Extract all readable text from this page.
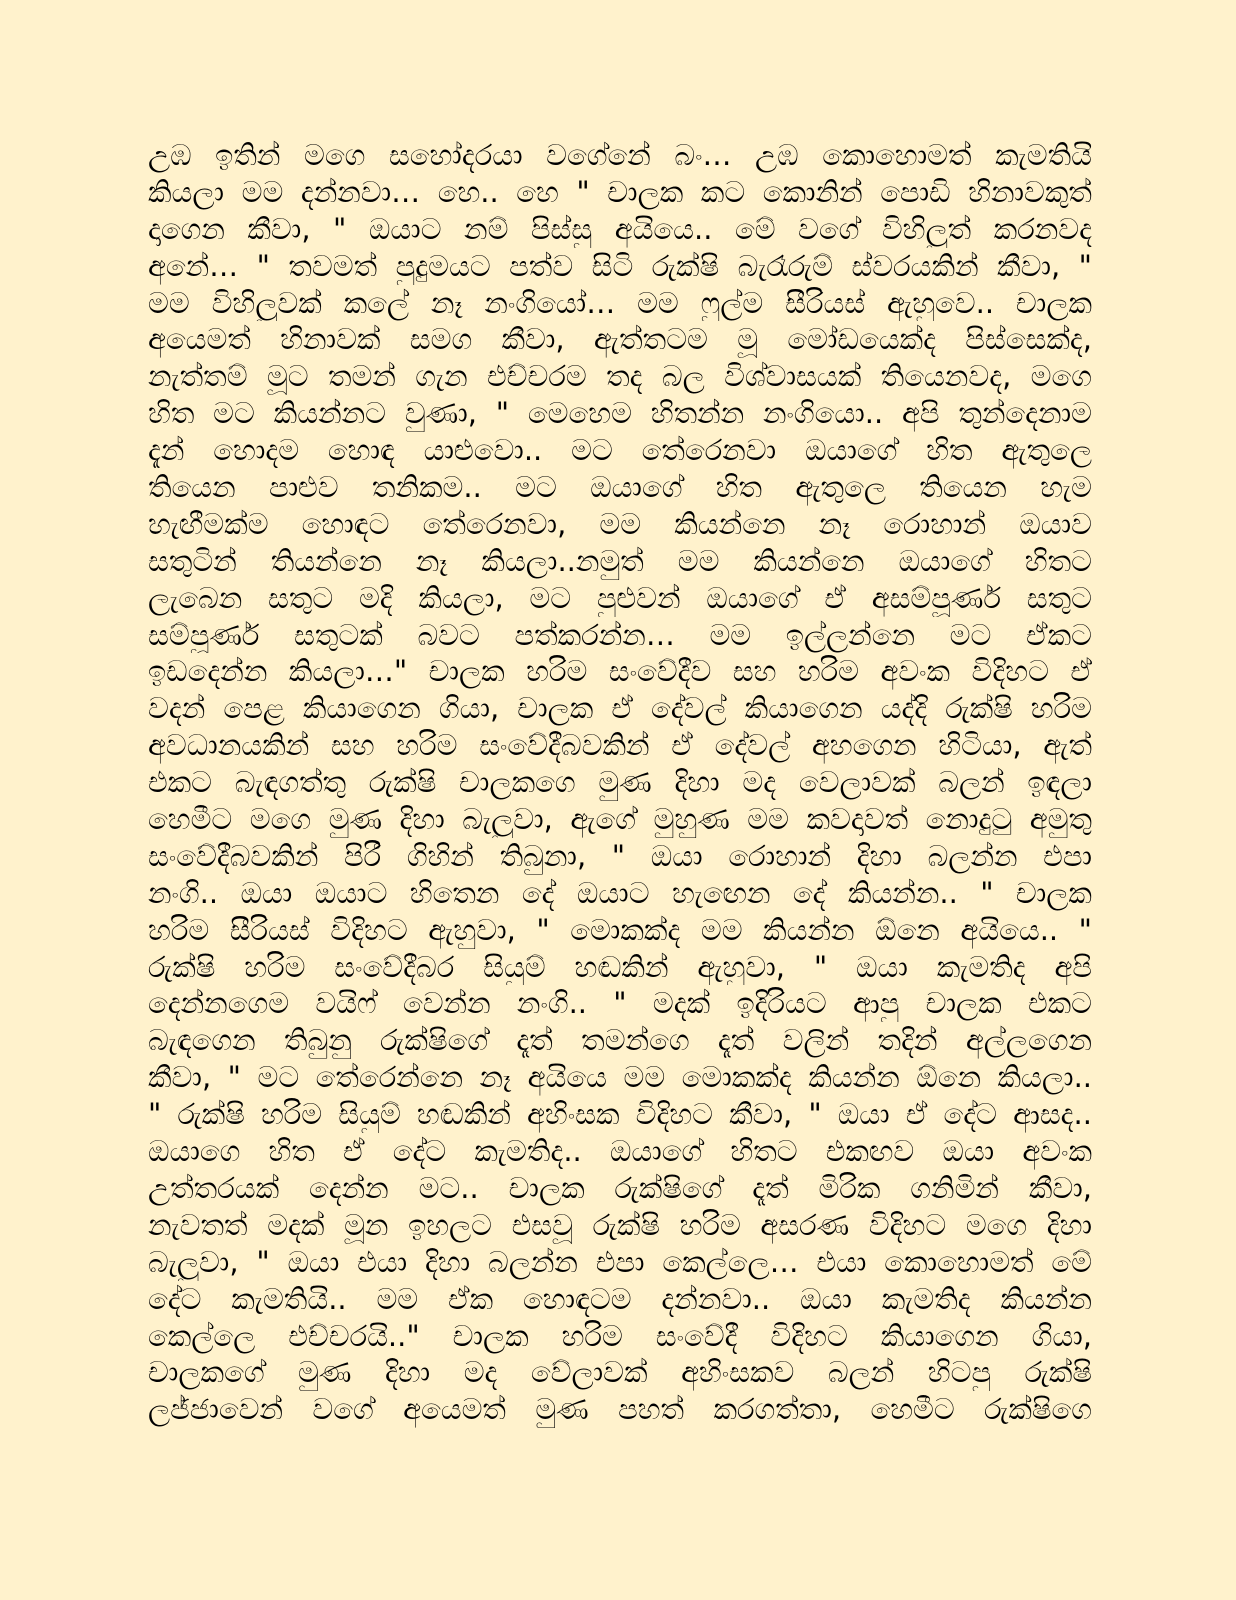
උඹ ඉතින් මගෙ සහෝදරයා වගේනේ බං… උඹ කොහොමත් කැමතියි
කියලා මම දන්නවා… හෙ.. හෙ " චාලක කට කොනින් පොඩි හිනාවකුත්
දාගෙන කීවා, " ඔයාට නම් පිස්සු අයියෙ.. මේ වගේ විහිලුත් කරනවද
අනේ… " තවමත් පුදුමයට පත්ව සිටි රුක්ෂි බැරෑරුම් ස්වරයකින් කීවා, "
මම විහිලුවක් කලේ නෑ නංගියෝ… මම ෆුල්ම සීරියස් ඇහුවෙ.. චාලක
අයෙමත් හිනාවක් සමග කීවා, ඇත්තටම මූ මෝඩයෙක්ද පිස්සෙක්ද,
නැත්තම් මූට තමන් ගැන එච්චරම තද බල විශ්වාසයක් තියෙනවද, මගෙ
හිත මට කියන්නට වුණා, " මෙහෙම හිතන්න නංගියො.. අපි තුන්දෙනාම
දැන් හොදම හොඳ යාළුවො.. මට තේරෙනවා ඔයාගේ හිත ඇතුලෙ
තියෙන පාළුව තනිකම.. මට ඔයාගේ හිත ඇතුලෙ තියෙන හැම
හැඟීමක්ම හොඳට තේරෙනවා, මම කියන්නෙ නෑ රොහාන් ඔයාව
සතුටින් තියන්නෙ නෑ කියලා..නමුත් මම කියන්නෙ ඔයාගේ හිතට
ලැබෙන සතුට මදි කියලා, මට පුළුවන් ඔයාගේ ඒ අසම්පූර්ණ සතුට
සම්පූර්ණ සතුටක් බවට පත්කරන්න… මම ඉල්ලන්නෙ මට ඒකට
ඉඩදෙන්න කියලා…" චාලක හරිම සංවේදීව සහ හරිම අවංක විදිහට ඒ
වදන් පෙළ කියාගෙන ගියා, චාලක ඒ දේවල් කියාගෙන යද්දි රුක්ෂි හරිම
අවධානයකින් සහ හරිම සංවේදීබවකින් ඒ දේවල් අහගෙන හිටියා, ඇත්
එකට බැඳගත්තු රුක්ෂි චාලකගෙ මුණ දිහා මද වෙලාවක් බලන් ඉඳලා
හෙමීට මගෙ මුණ දිහා බැලුවා, ඇගේ මුහුණ මම කවදාවත් නොදුටු අමුතු
සංවේදීබවකින් පිරී ගිහින් තිබුනා, " ඔයා රොහාන් දිහා බලන්න එපා
නංගි.. ඔයා ඔයාට හිතෙන දේ ඔයාට හැඟෙන දේ කියන්න.. " චාලක
හරිම සීරියස් විදිහට ඇහුවා, " මොකක්ද මම කියන්න ඕනෙ අයියෙ.. "
රුක්ෂි හරිම සංවේදීබර සියුම් හඬකින් ඇහුවා, " ඔයා කැමතිද අපි
දෙන්නගෙම වයිෆ් වෙන්න නංගි.. " මදක් ඉදිරියට ආපු චාලක එකට
බැඳගෙන තිබුනු රුක්ෂිගේ දෑත් තමන්ගෙ දෑත් වලින් තදින් අල්ලගෙන
කීවා, " මට තේරෙන්නෙ නෑ අයියෙ මම මොකක්ද කියන්න ඕනෙ කියලා..
" රුක්ෂි හරිම සියුම් හඬකින් අහිංසක විදිහට කීවා, " ඔයා ඒ දේට ආසද..
ඔයාගෙ හිත ඒ දේට කැමතිද.. ඔයාගේ හිතට එකඟව ඔයා අවංක
උත්තරයක් දෙන්න මට.. චාලක රුක්ෂිගේ දෑත් මිරික ගනිමින් කීවා,
නැවතත් මදක් මූන ඉහලට එසවූ රුක්ෂි හරිම අසරණ විදිහට මගෙ දිහා
බැලුවා, " ඔයා එයා දිහා බලන්න එපා කෙල්ලෙ… එයා කොහොමත් මේ
දේට කැමතියි.. මම ඒක හොඳටම දන්නවා.. ඔයා කැමතිද කියන්න
කෙල්ලෙ එච්චරයි.." චාලක හරිම සංවේදී විදිහට කියාගෙන ගියා,
චාලකගේ මුණ දිහා මද වේලාවක් අහිංසකව බලන් හිටපු රුක්ෂි
ලජ්ජාවෙන් වගේ අයෙමත් මුණ පහත් කරගත්තා, හෙමීට රුක්ෂිගෙ
